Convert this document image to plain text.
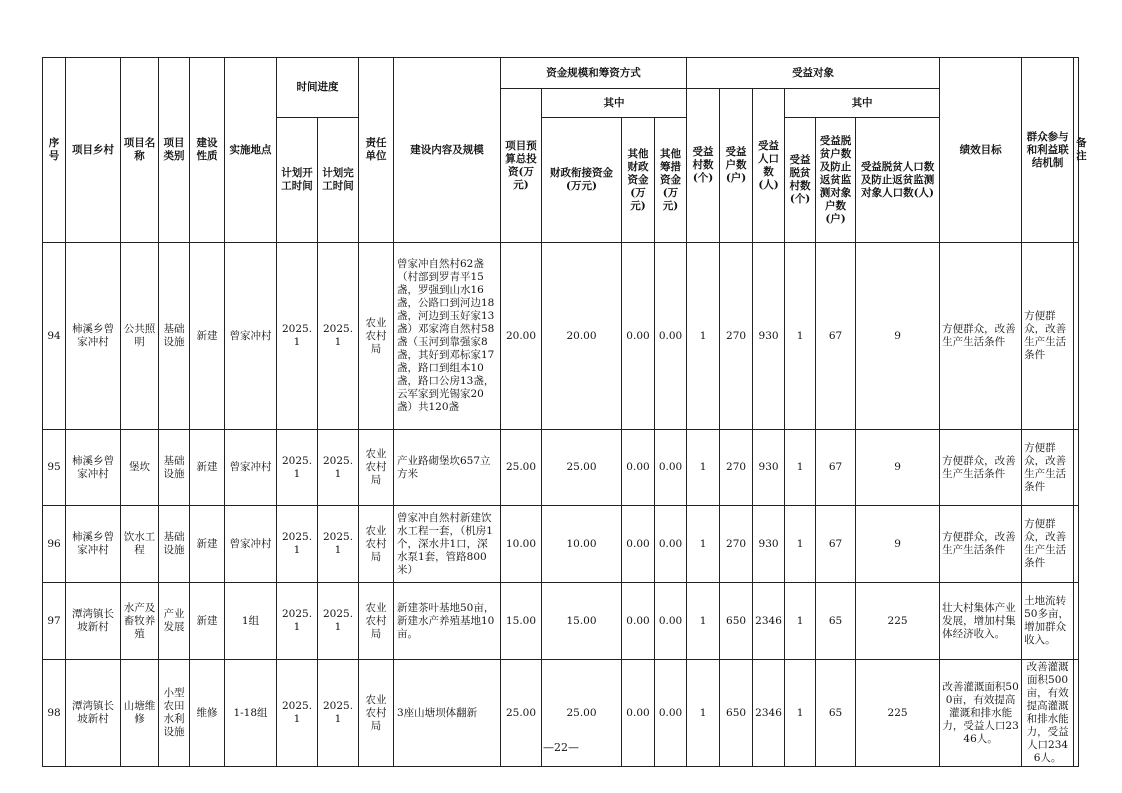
序号	项目乡村	项目名称	项目类别	建设性质	实施地点	时间进度		责任单位	建设内容及规模	资金规模和筹资方式				受益对象						绩效目标	群众参与和利益联结机制	备注
										项目预算总投资(万元)	其中			受益村数(个)	受益户数(户)	受益人口数(人)	其中					
						计划开工时间	计划完工时间				财政衔接资金(万元)	其他财政资金(万元)	其他筹措资金(万元)				受益脱贫村数(个)	受益脱贫户数及防止返贫监测对象户数(户)	受益脱贫人口数及防止返贫监测对象人口数(人)			
94	柿溪乡曾家冲村	公共照明	基础设施	新建	曾家冲村	2025.1	2025.1	农业农村局	曾家冲自然村62盏（村部到罗青平15盏，罗强到山水16盏，公路口到河边18盏，河边到玉好家13盏）邓家湾自然村58盏（玉河到靠强家8盏，其好到邓标家17盏，路口到组本10盏，路口公房13盏，云军家到光锡家20盏）共120盏	20.00	20.00	0.00	0.00	1	270	930	1	67	9	方便群众，改善生产生活条件	方便群众，改善生产生活条件	
95	柿溪乡曾家冲村	堡坎	基础设施	新建	曾家冲村	2025.1	2025.1	农业农村局	产业路砌堡坎657立方米	25.00	25.00	0.00	0.00	1	270	930	1	67	9	方便群众，改善生产生活条件	方便群众，改善生产生活条件	
96	柿溪乡曾家冲村	饮水工程	基础设施	新建	曾家冲村	2025.1	2025.1	农业农村局	曾家冲自然村新建饮水工程一套，（机房1个，深水井1口，深水泵1套，管路800米）	10.00	10.00	0.00	0.00	1	270	930	1	67	9	方便群众，改善生产生活条件	方便群众，改善生产生活条件	
97	潭湾镇长坡新村	水产及畜牧养殖	产业发展	新建	1组	2025.1	2025.1	农业农村局	新建茶叶基地50亩，新建水产养殖基地10亩。	15.00	15.00	0.00	0.00	1	650	2346	1	65	225	壮大村集体产业发展，增加村集体经济收入。	土地流转50多亩，增加群众收入。	
98	潭湾镇长坡新村	山塘维修	小型农田水利设施	维修	1-18组	2025.1	2025.1	农业农村局	3座山塘坝体翻新	25.00	25.00	0.00	0.00	1	650	2346	1	65	225	改善灌溉面积500亩，有效提高灌溉和排水能力，受益人口2346人。	改善灌溉面积500亩，有效提高灌溉和排水能力，受益人口2346人。	
—22—
